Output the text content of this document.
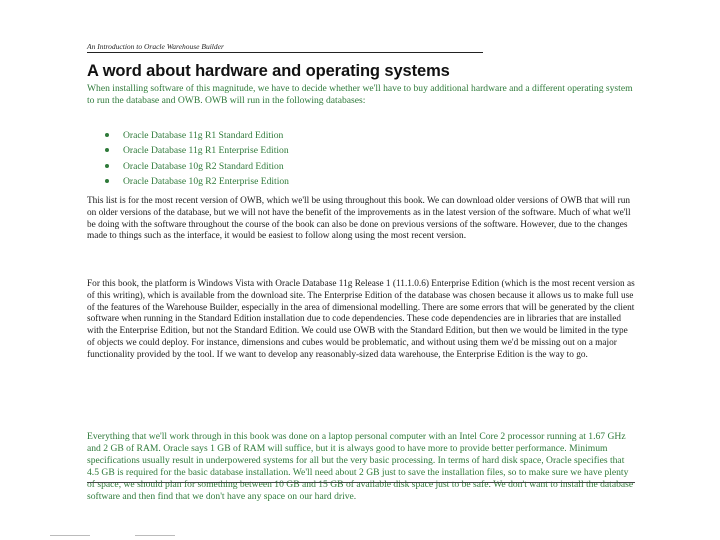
An Introduction to Oracle Warehouse Builder
A word about hardware and operating systems

When installing software of this magnitude, we have to decide whether we'll have to buy additional hardware and a different operating system to run the database and OWB. OWB will run in the following databases:

Oracle Database 11g R1 Standard Edition
Oracle Database 11g R1 Enterprise Edition
Oracle Database 10g R2 Standard Edition
Oracle Database 10g R2 Enterprise Edition

This list is for the most recent version of OWB, which we'll be using throughout this book. We can download older versions of OWB that will run on older versions of the database, but we will not have the benefit of the improvements as in the latest version of the software. Much of what we'll be doing with the software throughout the course of the book can also be done on previous versions of the software. However, due to the changes made to things such as the interface, it would be easiest to follow along using the most recent version.

For this book, the platform is Windows Vista with Oracle Database 11g Release 1 (11.1.0.6) Enterprise Edition (which is the most recent version as of this writing), which is available from the download site. The Enterprise Edition of the database was chosen because it allows us to make full use of the features of the Warehouse Builder, especially in the area of dimensional modelling. There are some errors that will be generated by the client software when running in the Standard Edition installation due to code dependencies. These code dependencies are in libraries that are installed with the Enterprise Edition, but not the Standard Edition. We could use OWB with the Standard Edition, but then we would be limited in the type of objects we could deploy. For instance, dimensions and cubes would be problematic, and without using them we'd be missing out on a major functionality provided by the tool. If we want to develop any reasonably-sized data warehouse, the Enterprise Edition is the way to go.

Everything that we'll work through in this book was done on a laptop personal computer with an Intel Core 2 processor running at 1.67 GHz and 2 GB of RAM. Oracle says 1 GB of RAM will suffice, but it is always good to have more to provide better performance. Minimum specifications usually result in underpowered systems for all but the very basic processing. In terms of hard disk space, Oracle specifies that 4.5 GB is required for the basic database installation. We'll need about 2 GB just to save the installation files, so to make sure we have plenty of space, we should plan for something between 10 GB and 15 GB of available disk space just to be safe. We don't want to install the database software and then find that we don't have any space on our hard drive.
